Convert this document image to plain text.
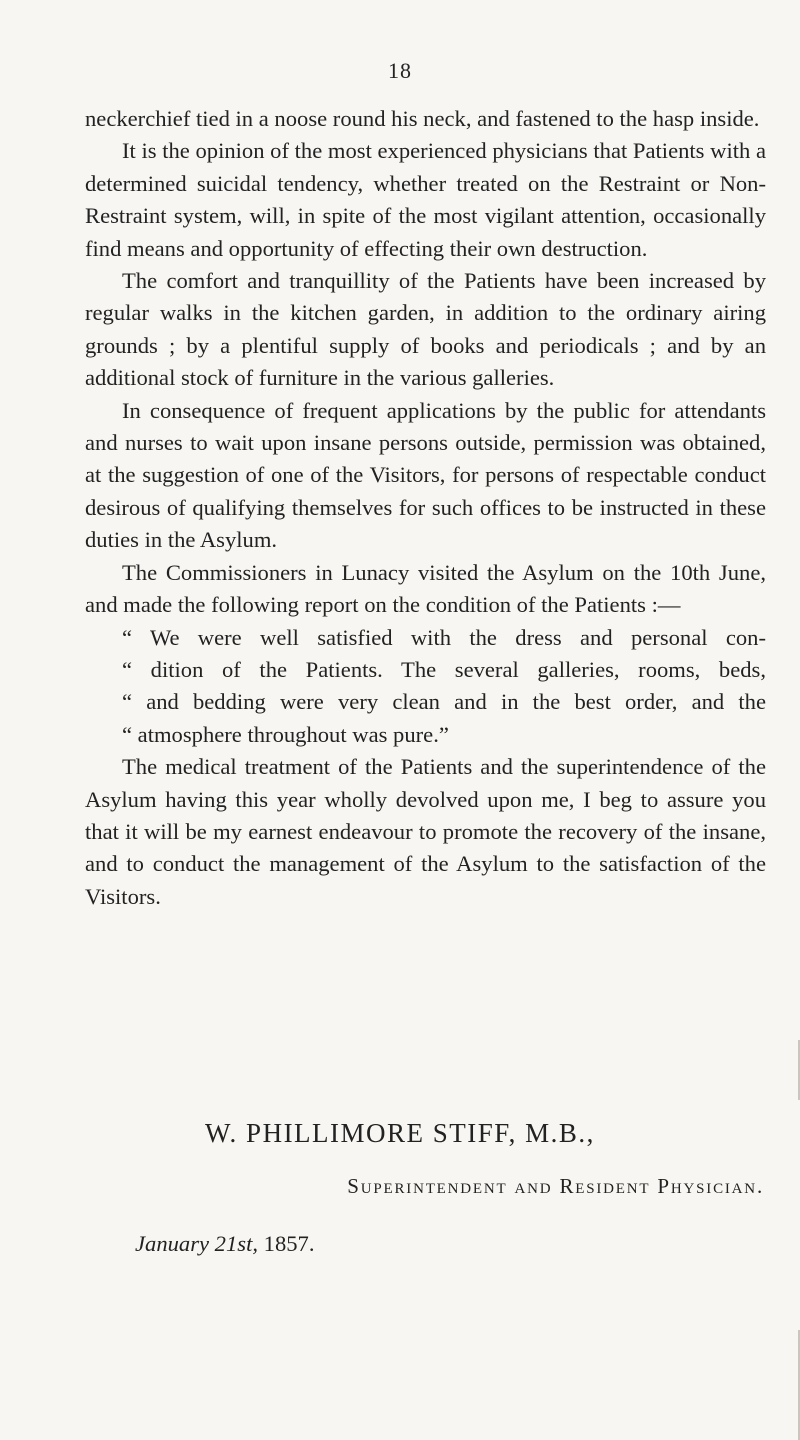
18

neckerchief tied in a noose round his neck, and fastened to the hasp inside.

It is the opinion of the most experienced physicians that Patients with a determined suicidal tendency, whether treated on the Restraint or Non-Restraint system, will, in spite of the most vigilant attention, occasionally find means and opportunity of effecting their own destruction.

The comfort and tranquillity of the Patients have been increased by regular walks in the kitchen garden, in addition to the ordinary airing grounds ; by a plentiful supply of books and periodicals ; and by an additional stock of furniture in the various galleries.

In consequence of frequent applications by the public for attendants and nurses to wait upon insane persons outside, permission was obtained, at the suggestion of one of the Visitors, for persons of respectable conduct desirous of qualifying themselves for such offices to be instructed in these duties in the Asylum.

The Commissioners in Lunacy visited the Asylum on the 10th June, and made the following report on the condition of the Patients :—

“ We were well satisfied with the dress and personal con-

“ dition of the Patients. The several galleries, rooms, beds,

“ and bedding were very clean and in the best order, and the

“ atmosphere throughout was pure.”

The medical treatment of the Patients and the superintendence of the Asylum having this year wholly devolved upon me, I beg to assure you that it will be my earnest endeavour to promote the recovery of the insane, and to conduct the management of the Asylum to the satisfaction of the Visitors.

W. PHILLIMORE STIFF, M.B.,
Superintendent and Resident Physician.
January 21st, 1857.
